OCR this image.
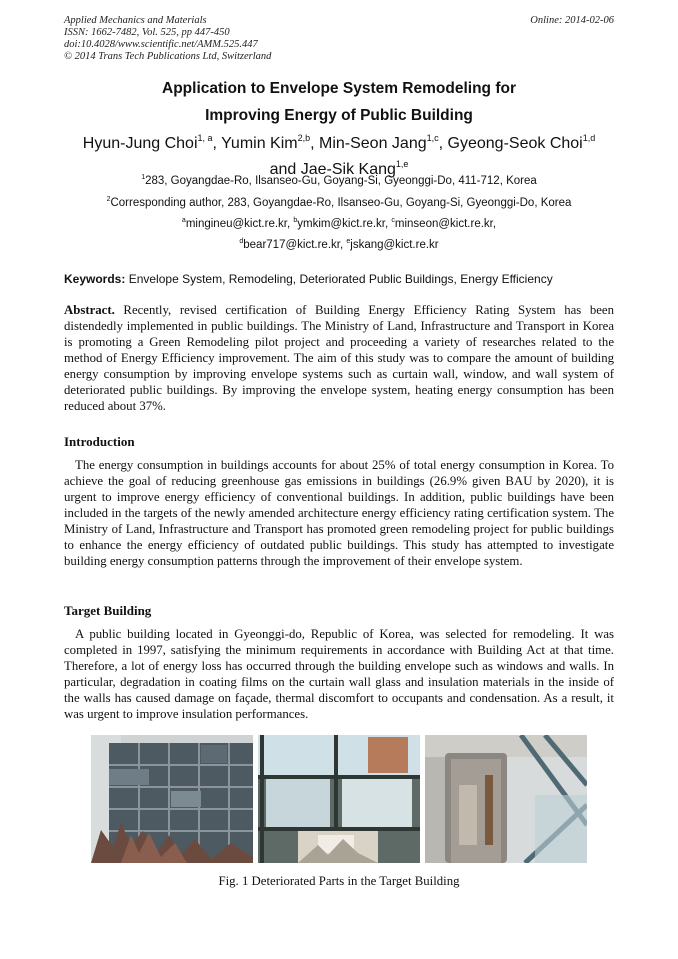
Applied Mechanics and Materials
ISSN: 1662-7482, Vol. 525, pp 447-450
doi:10.4028/www.scientific.net/AMM.525.447
© 2014 Trans Tech Publications Ltd, Switzerland
Online: 2014-02-06
Application to Envelope System Remodeling for
Improving Energy of Public Building
Hyun-Jung Choi$^{1, a}$, Yumin Kim$^{2,b}$, Min-Seon Jang$^{1,c}$, Gyeong-Seok Choi$^{1,d}$
and Jae-Sik Kang$^{1,e}$
$^1$283, Goyangdae-Ro, Ilsanseo-Gu, Goyang-Si, Gyeonggi-Do, 411-712, Korea
$^2$Corresponding author, 283, Goyangdae-Ro, Ilsanseo-Gu, Goyang-Si, Gyeonggi-Do, Korea
$^a$mingineu@kict.re.kr, $^b$ymkim@kict.re.kr, $^c$minseon@kict.re.kr,
$^d$bear717@kict.re.kr, $^e$jskang@kict.re.kr
Keywords: Envelope System, Remodeling, Deteriorated Public Buildings, Energy Efficiency
Abstract. Recently, revised certification of Building Energy Efficiency Rating System has been distendedly implemented in public buildings. The Ministry of Land, Infrastructure and Transport in Korea is promoting a Green Remodeling pilot project and proceeding a variety of researches related to the method of Energy Efficiency improvement. The aim of this study was to compare the amount of building energy consumption by improving envelope systems such as curtain wall, window, and wall system of deteriorated public buildings. By improving the envelope system, heating energy consumption has been reduced about 37%.
Introduction
The energy consumption in buildings accounts for about 25% of total energy consumption in Korea. To achieve the goal of reducing greenhouse gas emissions in buildings (26.9% given BAU by 2020), it is urgent to improve energy efficiency of conventional buildings. In addition, public buildings have been included in the targets of the newly amended architecture energy efficiency rating certification system. The Ministry of Land, Infrastructure and Transport has promoted green remodeling project for public buildings to enhance the energy efficiency of outdated public buildings. This study has attempted to investigate building energy consumption patterns through the improvement of their envelope system.
Target Building
A public building located in Gyeonggi-do, Republic of Korea, was selected for remodeling. It was completed in 1997, satisfying the minimum requirements in accordance with Building Act at that time. Therefore, a lot of energy loss has occurred through the building envelope such as windows and walls. In particular, degradation in coating films on the curtain wall glass and insulation materials in the inside of the walls has caused damage on façade, thermal discomfort to occupants and condensation. As a result, it was urgent to improve insulation performances.
Fig. 1 Deteriorated Parts in the Target Building
